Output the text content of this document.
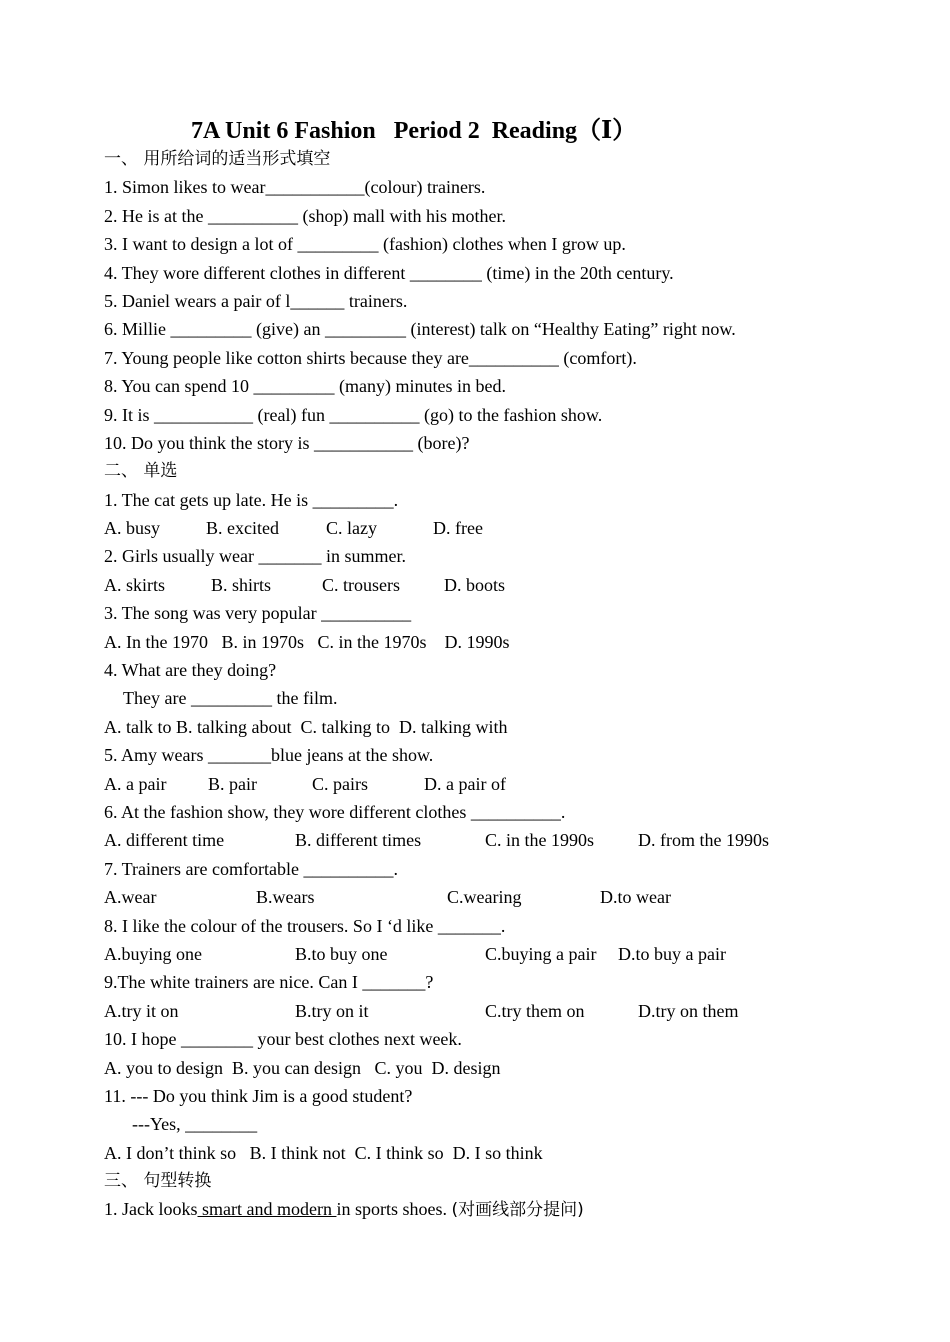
7A Unit 6 Fashion   Period 2  Reading（Ⅰ）
一、 用所给词的适当形式填空
1. Simon likes to wear___________(colour) trainers.
2. He is at the __________ (shop) mall with his mother.
3. I want to design a lot of _________ (fashion) clothes when I grow up.
4. They wore different clothes in different ________ (time) in the 20th century.
5. Daniel wears a pair of l______ trainers.
6. Millie _________ (give) an _________ (interest) talk on “Healthy Eating” right now.
7. Young people like cotton shirts because they are__________ (comfort).
8. You can spend 10 _________ (many) minutes in bed.
9. It is ___________ (real) fun __________ (go) to the fashion show.
10. Do you think the story is ___________ (bore)?
二、 单选
1. The cat gets up late. He is _________.

A. busy

	B. excited

	C. lazy

	D. free

2. Girls usually wear _______ in summer.

A. skirts

	B. shirts

	C. trousers

D. boots

3. The song was very popular __________
A. In the 1970   B. in 1970s   C. in the 1970s    D. 1990s
4. What are they doing?
They are _________ the film.
A. talk to B. talking about  C. talking to  D. talking with
5. Amy wears _______blue jeans at the show.

A. a pair

B. pair

	C. pairs

	D. a pair of

6. At the fashion show, they wore different clothes __________.

A. different time

	B. different times

	C. in the 1990s

D. from the 1990s

7. Trainers are comfortable __________.

A.wear

	B.wears

	C.wearing

	D.to wear

8. I like the colour of the trousers. So I ‘d like _______.

A.buying one

	B.to buy one

	C.buying a pair

D.to buy a pair

9.The white trainers are nice. Can I _______?

A.try it on

	B.try on it

	C.try them on

	D.try on them

10. I hope ________ your best clothes next week.
A. you to design  B. you can design   C. you  D. design
11. --- Do you think Jim is a good student?
---Yes, ________
A. I don’t think so   B. I think not  C. I think so  D. I so think
三、 句型转换
1. Jack looks smart and modern in sports shoes. (对画线部分提问)
